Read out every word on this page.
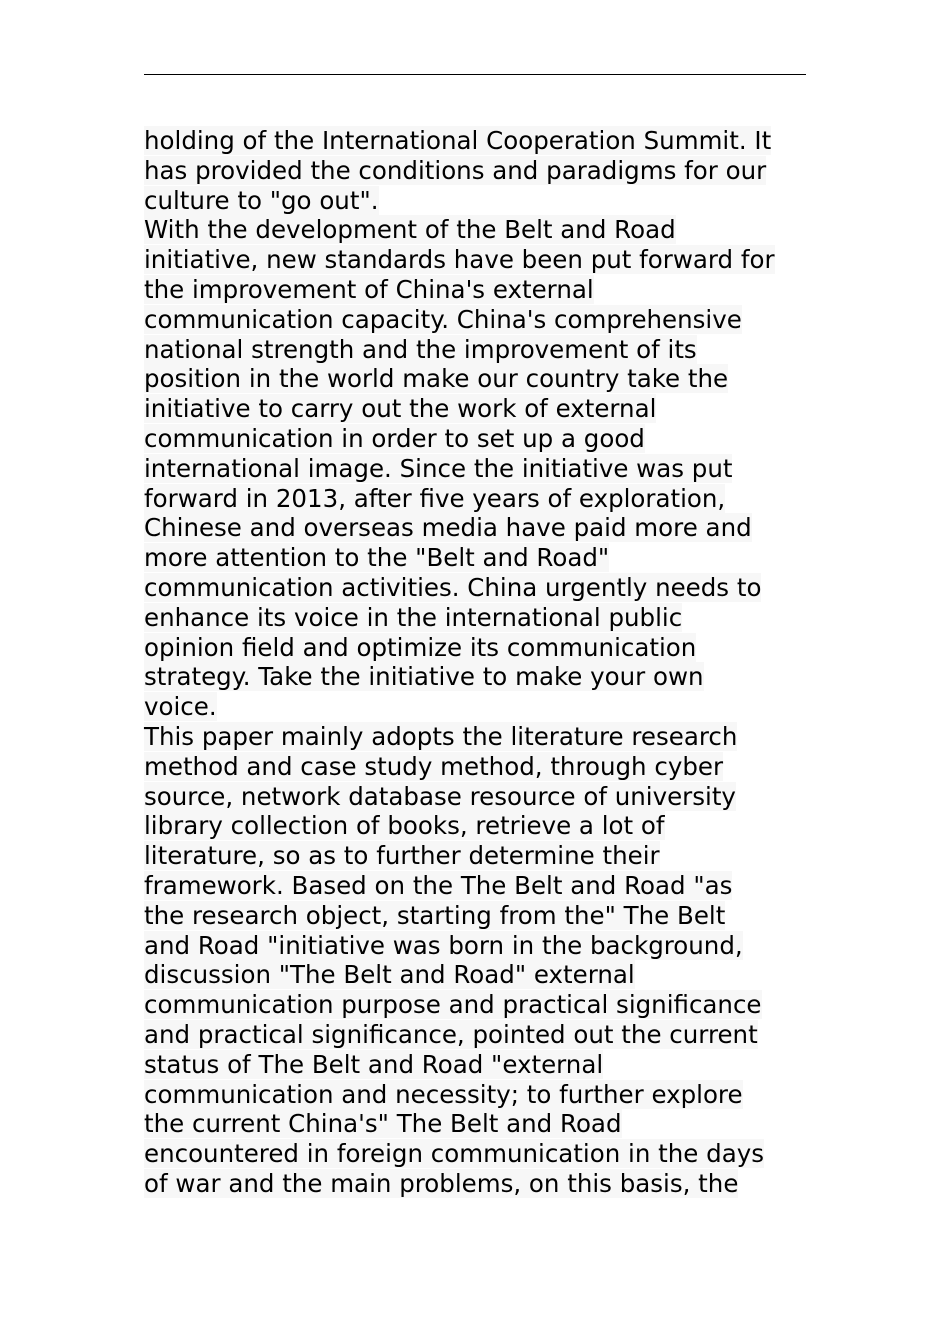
holding of the International Cooperation Summit. It
has provided the conditions and paradigms for our
culture to "go out".
With the development of the Belt and Road
initiative, new standards have been put forward for
the improvement of China's external
communication capacity. China's comprehensive
national strength and the improvement of its
position in the world make our country take the
initiative to carry out the work of external
communication in order to set up a good
international image. Since the initiative was put
forward in 2013, after five years of exploration,
Chinese and overseas media have paid more and
more attention to the "Belt and Road"
communication activities. China urgently needs to
enhance its voice in the international public
opinion field and optimize its communication
strategy. Take the initiative to make your own
voice.
This paper mainly adopts the literature research
method and case study method, through cyber
source, network database resource of university
library collection of books, retrieve a lot of
literature, so as to further determine their
framework. Based on the The Belt and Road "as
the research object, starting from the" The Belt
and Road "initiative was born in the background,
discussion "The Belt and Road" external
communication purpose and practical significance
and practical significance, pointed out the current
status of The Belt and Road "external
communication and necessity; to further explore
the current China's" The Belt and Road
encountered in foreign communication in the days
of war and the main problems, on this basis, the
